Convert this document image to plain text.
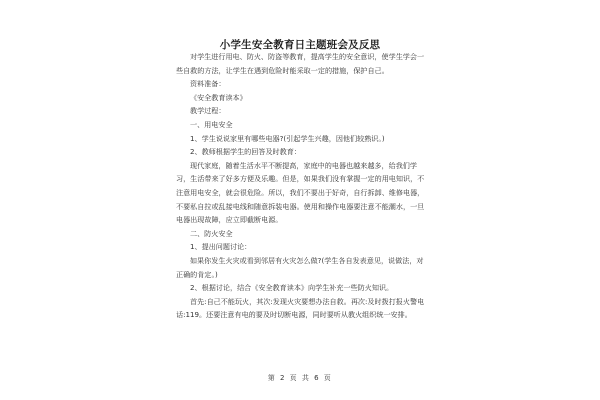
小学生安全教育日主题班会及反思

对学生进行用电、防火、防盗等教育，提高学生的安全意识，使学生学会一些自救的方法，让学生在遇到危险时能采取一定的措施，保护自己。

资料准备：

《安全教育读本》

教学过程：

一、用电安全

1、学生说说家里有哪些电器?(引起学生兴趣，因他们较熟识。)

2、教师根据学生的回答及时教育：

现代家庭，随着生活水平不断提高，家庭中的电器也越来越多，给我们学习，生活带来了好多方便及乐趣。但是，如果我们没有掌握一定的用电知识，不注意用电安全，就会很危险。所以，我们不要出于好奇，自行拆卸、维修电器，不要私自拉或乱接电线和随意拆装电器。使用和操作电器要注意不能潮水，一旦电器出现故障，应立即截断电源。

二、防火安全

1、提出问题讨论：

如果你发生火灾或看到邻居有火灾怎么做?(学生各自发表意见，说做法，对正确的肯定。)

2、根据讨论，结合《安全教育读本》向学生补充一些防火知识。

首先:自己不能玩火，其次:发现火灾要想办法自救。再次:及时拨打报火警电话:119。还要注意有电的要及时切断电源，同时要听从教火组织统一安排。

第 2 页 共 6 页
